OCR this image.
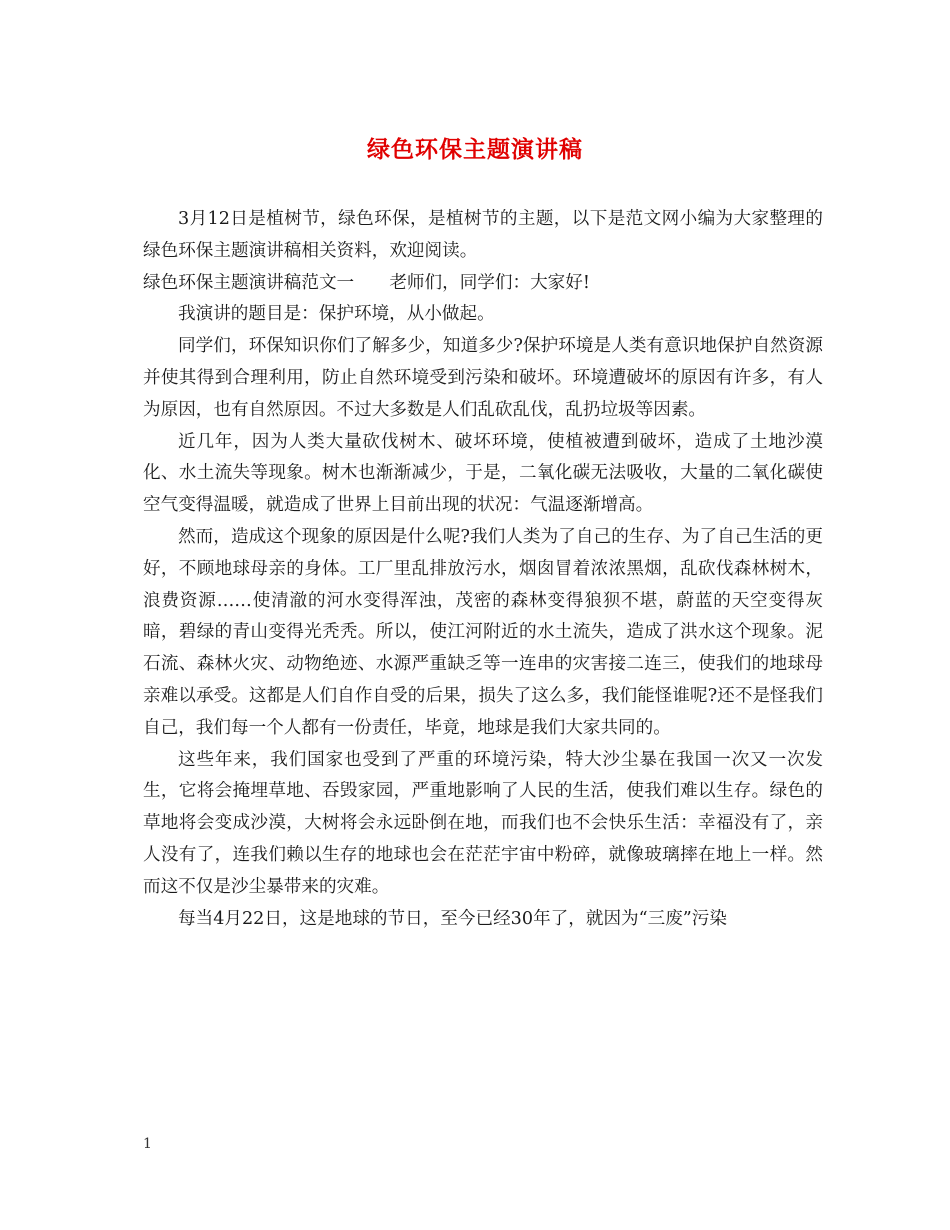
绿色环保主题演讲稿

3月12日是植树节，绿色环保，是植树节的主题，以下是范文网小编为大家整理的绿色环保主题演讲稿相关资料，欢迎阅读。

绿色环保主题演讲稿范文一　　老师们，同学们：大家好!

我演讲的题目是：保护环境，从小做起。

同学们，环保知识你们了解多少，知道多少?保护环境是人类有意识地保护自然资源并使其得到合理利用，防止自然环境受到污染和破坏。环境遭破坏的原因有许多，有人为原因，也有自然原因。不过大多数是人们乱砍乱伐，乱扔垃圾等因素。

近几年，因为人类大量砍伐树木、破坏环境，使植被遭到破坏，造成了土地沙漠化、水土流失等现象。树木也渐渐减少，于是，二氧化碳无法吸收，大量的二氧化碳使空气变得温暖，就造成了世界上目前出现的状况：气温逐渐增高。

然而，造成这个现象的原因是什么呢?我们人类为了自己的生存、为了自己生活的更好，不顾地球母亲的身体。工厂里乱排放污水，烟囱冒着浓浓黑烟，乱砍伐森林树木，浪费资源……使清澈的河水变得浑浊，茂密的森林变得狼狈不堪，蔚蓝的天空变得灰暗，碧绿的青山变得光秃秃。所以，使江河附近的水土流失，造成了洪水这个现象。泥石流、森林火灾、动物绝迹、水源严重缺乏等一连串的灾害接二连三，使我们的地球母亲难以承受。这都是人们自作自受的后果，损失了这么多，我们能怪谁呢?还不是怪我们自己，我们每一个人都有一份责任，毕竟，地球是我们大家共同的。

这些年来，我们国家也受到了严重的环境污染，特大沙尘暴在我国一次又一次发生，它将会掩埋草地、吞毁家园，严重地影响了人民的生活，使我们难以生存。绿色的草地将会变成沙漠，大树将会永远卧倒在地，而我们也不会快乐生活：幸福没有了，亲人没有了，连我们赖以生存的地球也会在茫茫宇宙中粉碎，就像玻璃摔在地上一样。然而这不仅是沙尘暴带来的灾难。

每当4月22日，这是地球的节日，至今已经30年了，就因为“三废”污染

1
